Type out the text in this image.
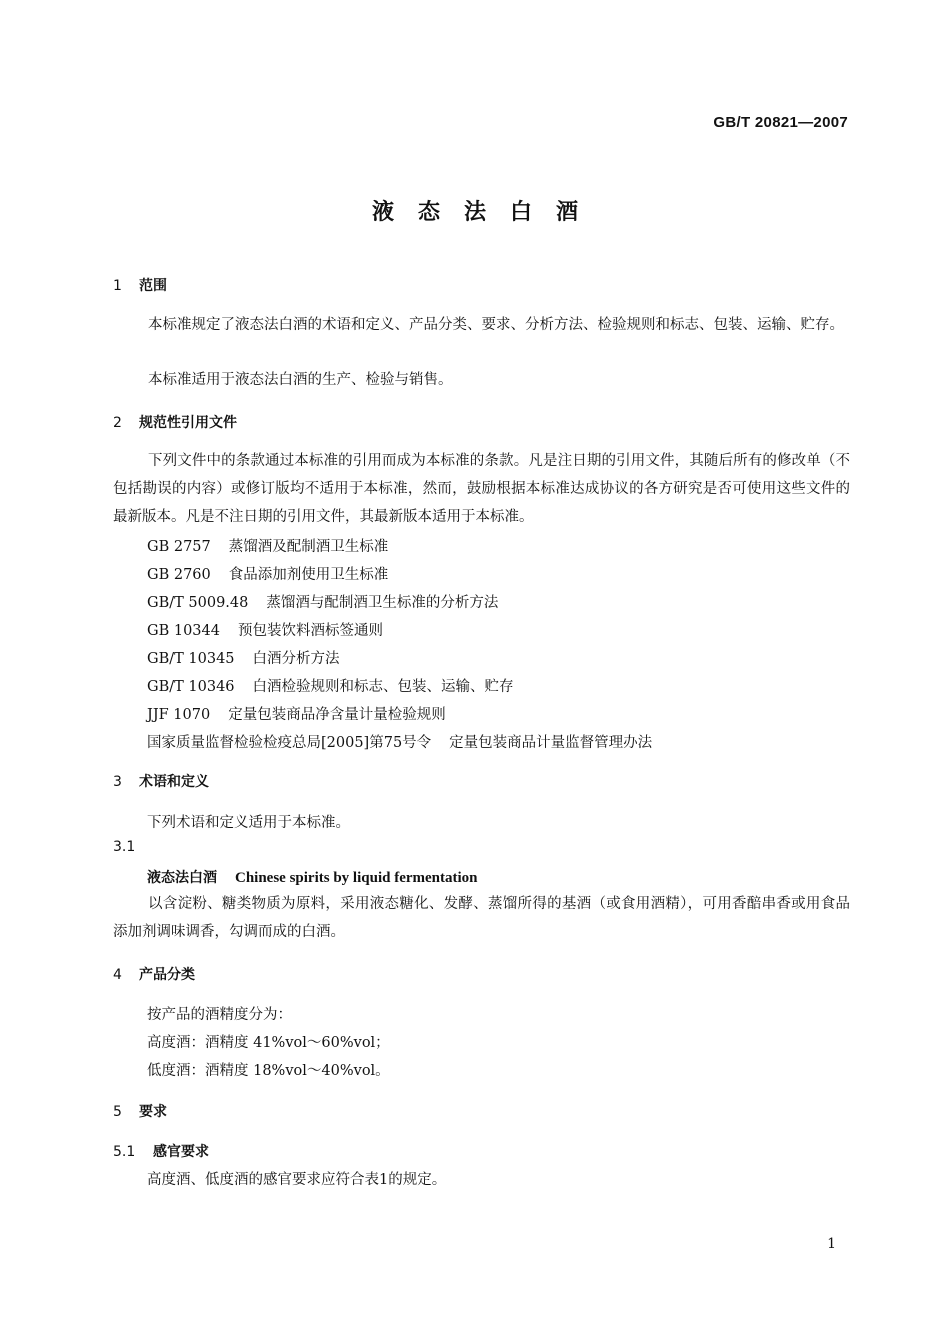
GB/T 20821—2007
液态法白酒
1 范围
本标准规定了液态法白酒的术语和定义、产品分类、要求、分析方法、检验规则和标志、包装、运输、贮存。
本标准适用于液态法白酒的生产、检验与销售。
2 规范性引用文件
下列文件中的条款通过本标准的引用而成为本标准的条款。凡是注日期的引用文件，其随后所有的修改单（不包括勘误的内容）或修订版均不适用于本标准，然而，鼓励根据本标准达成协议的各方研究是否可使用这些文件的最新版本。凡是不注日期的引用文件，其最新版本适用于本标准。
GB 2757 蒸馏酒及配制酒卫生标准
GB 2760 食品添加剂使用卫生标准
GB/T 5009.48 蒸馏酒与配制酒卫生标准的分析方法
GB 10344 预包装饮料酒标签通则
GB/T 10345 白酒分析方法
GB/T 10346 白酒检验规则和标志、包装、运输、贮存
JJF 1070 定量包装商品净含量计量检验规则
国家质量监督检验检疫总局[2005]第75号令 定量包装商品计量监督管理办法
3 术语和定义
下列术语和定义适用于本标准。
3.1
液态法白酒 Chinese spirits by liquid fermentation
以含淀粉、糖类物质为原料，采用液态糖化、发酵、蒸馏所得的基酒（或食用酒精），可用香醅串香或用食品添加剂调味调香，勾调而成的白酒。
4 产品分类
按产品的酒精度分为：
高度酒：酒精度 41%vol～60%vol；
低度酒：酒精度 18%vol～40%vol。
5 要求
5.1 感官要求
高度酒、低度酒的感官要求应符合表1的规定。
1
